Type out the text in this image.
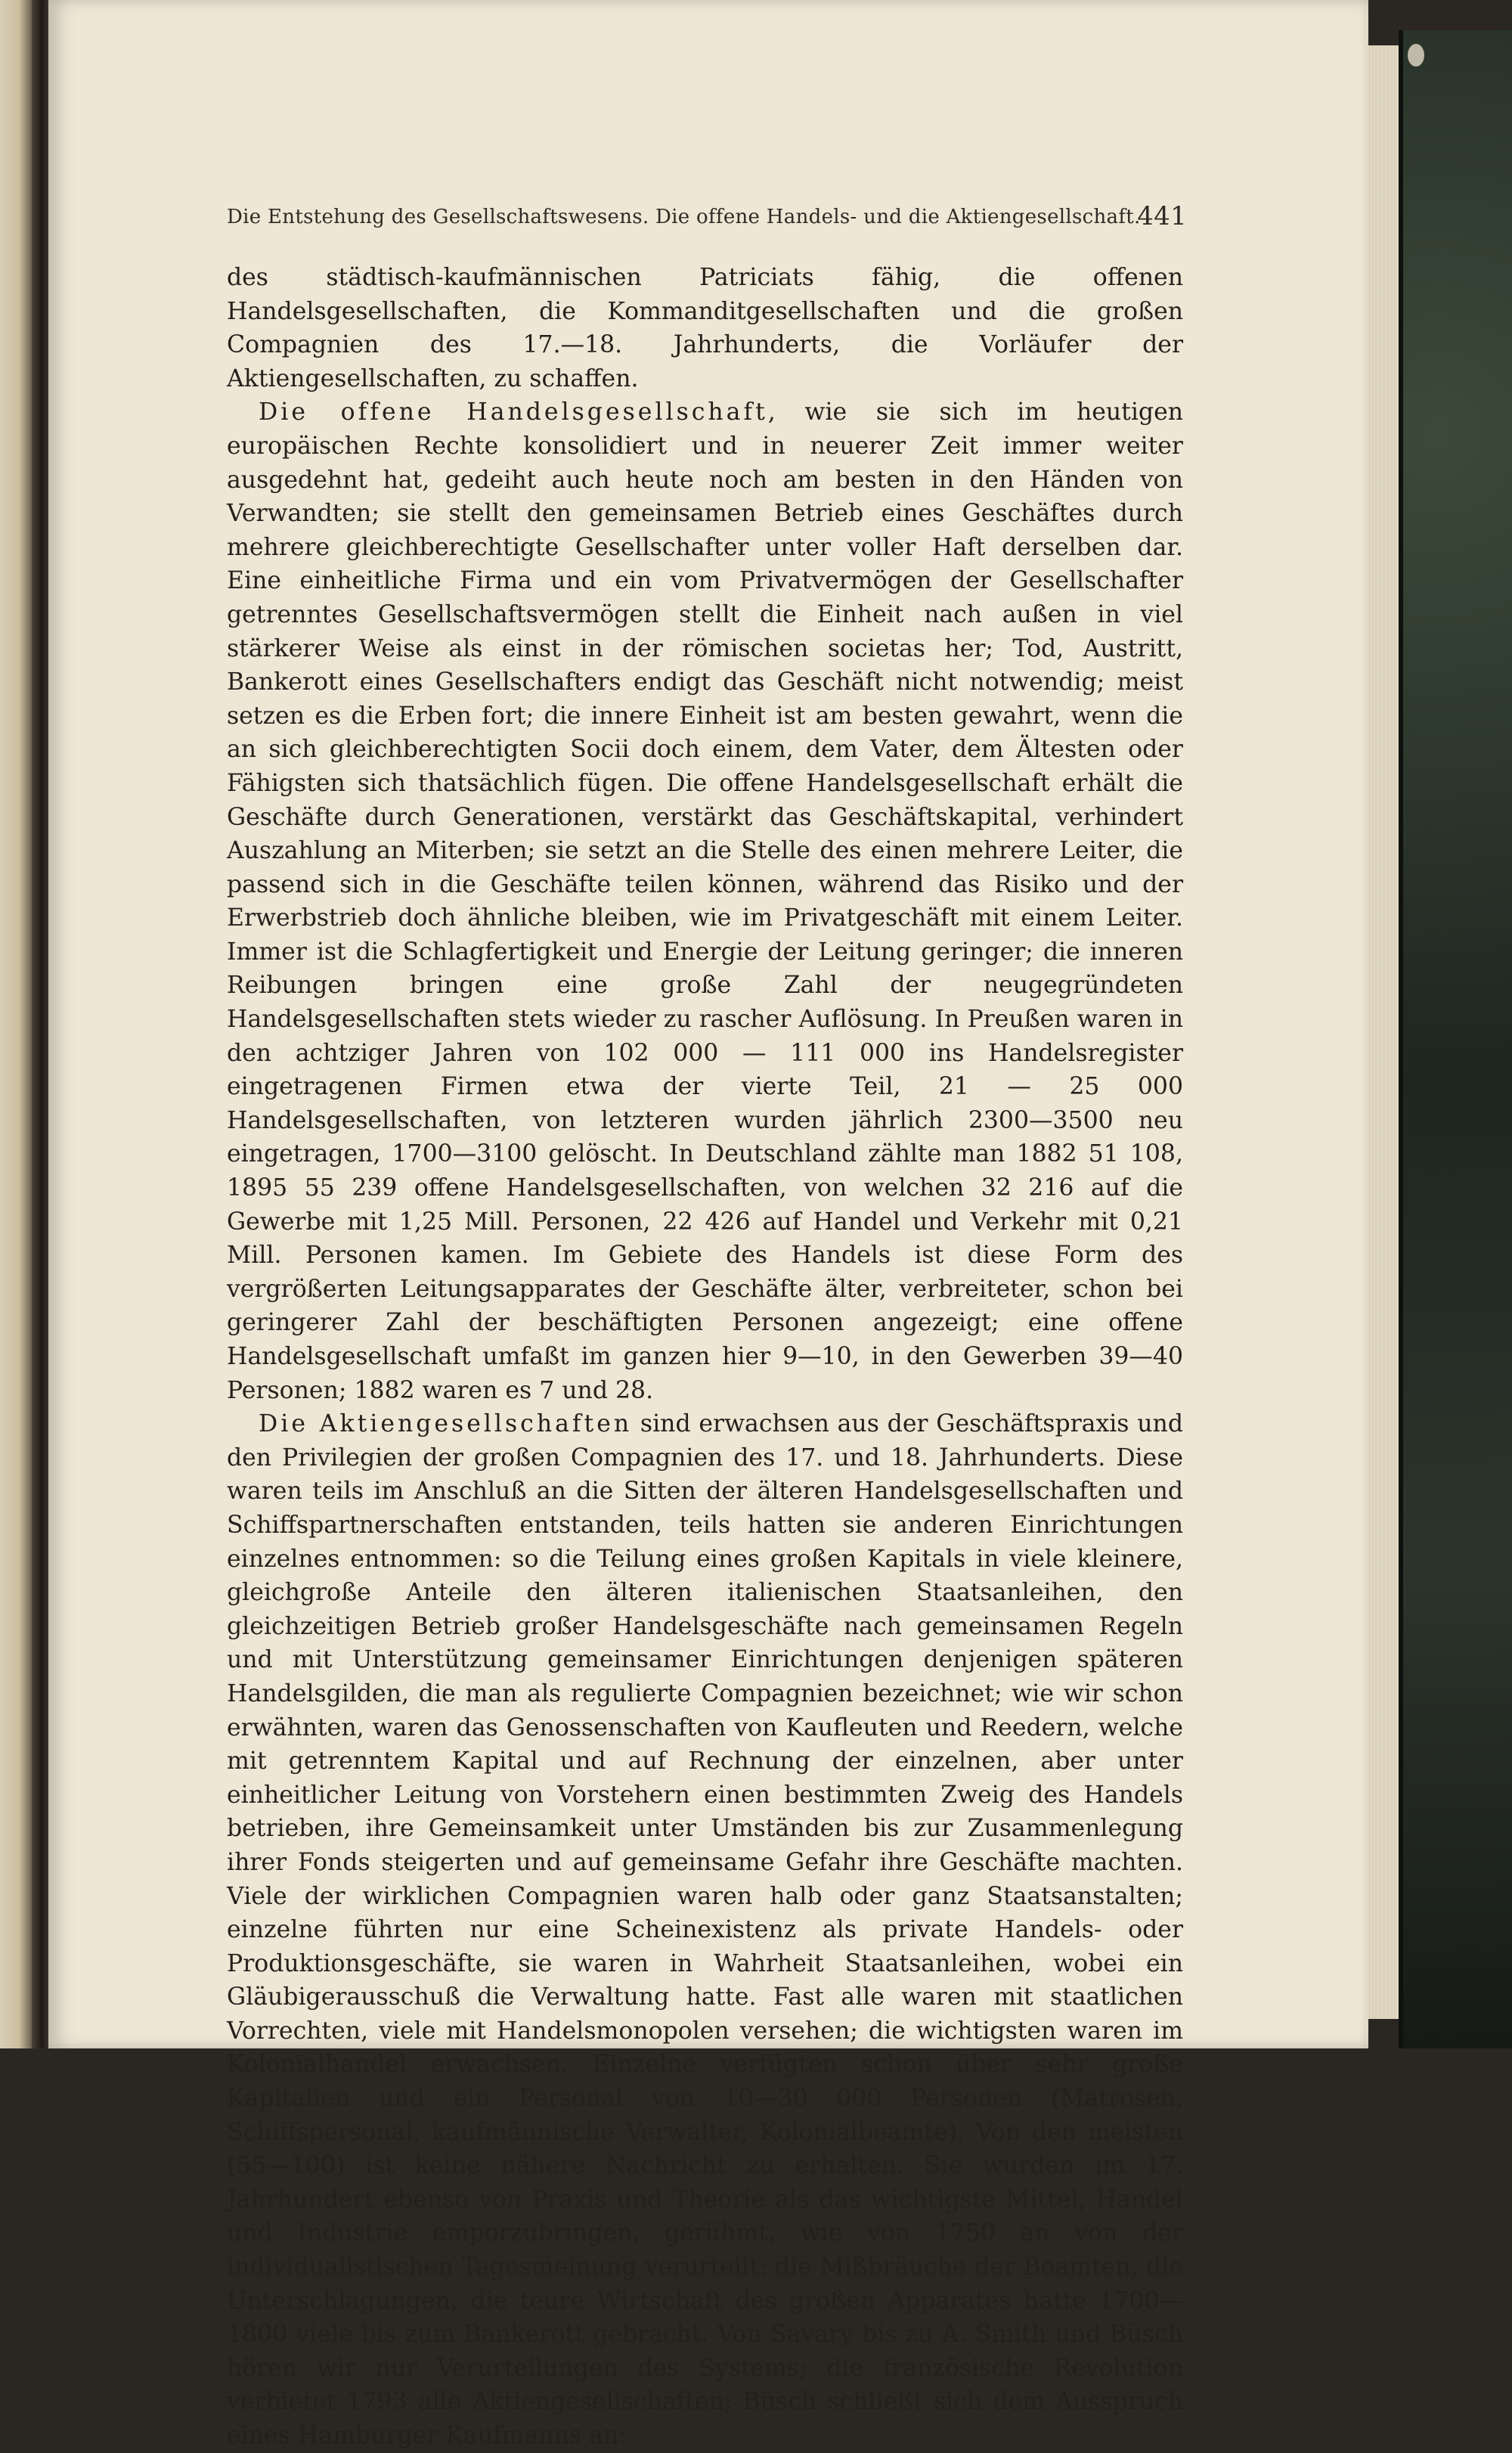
Die Entstehung des Gesellschaftswesens. Die offene Handels- und die Aktiengesellschaft.
441

des städtisch-kaufmännischen Patriciats fähig, die offenen Handelsgesellschaften, die Kommanditgesellschaften und die großen Compagnien des 17.—18. Jahrhunderts, die Vorläufer der Aktiengesellschaften, zu schaffen.

Die offene Handelsgesellschaft, wie sie sich im heutigen europäischen Rechte konsolidiert und in neuerer Zeit immer weiter ausgedehnt hat, gedeiht auch heute noch am besten in den Händen von Verwandten; sie stellt den gemeinsamen Betrieb eines Geschäftes durch mehrere gleichberechtigte Gesellschafter unter voller Haft derselben dar. Eine einheitliche Firma und ein vom Privatvermögen der Gesellschafter getrenntes Gesellschaftsvermögen stellt die Einheit nach außen in viel stärkerer Weise als einst in der römischen societas her; Tod, Austritt, Bankerott eines Gesellschafters endigt das Geschäft nicht notwendig; meist setzen es die Erben fort; die innere Einheit ist am besten gewahrt, wenn die an sich gleichberechtigten Socii doch einem, dem Vater, dem Ältesten oder Fähigsten sich thatsächlich fügen. Die offene Handelsgesellschaft erhält die Geschäfte durch Generationen, verstärkt das Geschäftskapital, verhindert Auszahlung an Miterben; sie setzt an die Stelle des einen mehrere Leiter, die passend sich in die Geschäfte teilen können, während das Risiko und der Erwerbstrieb doch ähnliche bleiben, wie im Privatgeschäft mit einem Leiter. Immer ist die Schlagfertigkeit und Energie der Leitung geringer; die inneren Reibungen bringen eine große Zahl der neugegründeten Handelsgesellschaften stets wieder zu rascher Auflösung. In Preußen waren in den achtziger Jahren von 102 000 — 111 000 ins Handelsregister eingetragenen Firmen etwa der vierte Teil, 21 — 25 000 Handelsgesellschaften, von letzteren wurden jährlich 2300—3500 neu eingetragen, 1700—3100 gelöscht. In Deutschland zählte man 1882 51 108, 1895 55 239 offene Handelsgesellschaften, von welchen 32 216 auf die Gewerbe mit 1,25 Mill. Personen, 22 426 auf Handel und Verkehr mit 0,21 Mill. Personen kamen. Im Gebiete des Handels ist diese Form des vergrößerten Leitungsapparates der Geschäfte älter, verbreiteter, schon bei geringerer Zahl der beschäftigten Personen angezeigt; eine offene Handelsgesellschaft umfaßt im ganzen hier 9—10, in den Gewerben 39—40 Personen; 1882 waren es 7 und 28.

Die Aktiengesellschaften sind erwachsen aus der Geschäftspraxis und den Privilegien der großen Compagnien des 17. und 18. Jahrhunderts. Diese waren teils im Anschluß an die Sitten der älteren Handelsgesellschaften und Schiffspartnerschaften entstanden, teils hatten sie anderen Einrichtungen einzelnes entnommen: so die Teilung eines großen Kapitals in viele kleinere, gleichgroße Anteile den älteren italienischen Staatsanleihen, den gleichzeitigen Betrieb großer Handelsgeschäfte nach gemeinsamen Regeln und mit Unterstützung gemeinsamer Einrichtungen denjenigen späteren Handelsgilden, die man als regulierte Compagnien bezeichnet; wie wir schon erwähnten, waren das Genossenschaften von Kaufleuten und Reedern, welche mit getrenntem Kapital und auf Rechnung der einzelnen, aber unter einheitlicher Leitung von Vorstehern einen bestimmten Zweig des Handels betrieben, ihre Gemeinsamkeit unter Umständen bis zur Zusammenlegung ihrer Fonds steigerten und auf gemeinsame Gefahr ihre Geschäfte machten. Viele der wirklichen Compagnien waren halb oder ganz Staatsanstalten; einzelne führten nur eine Scheinexistenz als private Handels- oder Produktionsgeschäfte, sie waren in Wahrheit Staatsanleihen, wobei ein Gläubigerausschuß die Verwaltung hatte. Fast alle waren mit staatlichen Vorrechten, viele mit Handelsmonopolen versehen; die wichtigsten waren im Kolonialhandel erwachsen. Einzelne verfügten schon über sehr große Kapitalien und ein Personal von 10—30 000 Personen (Matrosen, Schiffspersonal, kaufmännische Verwalter, Kolonialbeamte). Von den meisten (55—100) ist keine nähere Nachricht zu erhalten. Sie wurden im 17. Jahrhundert ebenso von Praxis und Theorie als das wichtigste Mittel, Handel und Industrie emporzubringen, gerühmt, wie von 1750 an von der individualistischen Tagesmeinung verurteilt: die Mißbräuche der Beamten, die Unterschlagungen, die teure Wirtschaft des großen Apparates hatte 1700—1800 viele bis zum Bankerott gebracht. Von Savary bis zu A. Smith und Büsch hören wir nur Verurteilungen des Systems; die französische Revolution verbietet 1793 alle Aktiengesellschaften; Büsch schließt sich dem Ausspruch eines Hamburger Kaufmanns an:
